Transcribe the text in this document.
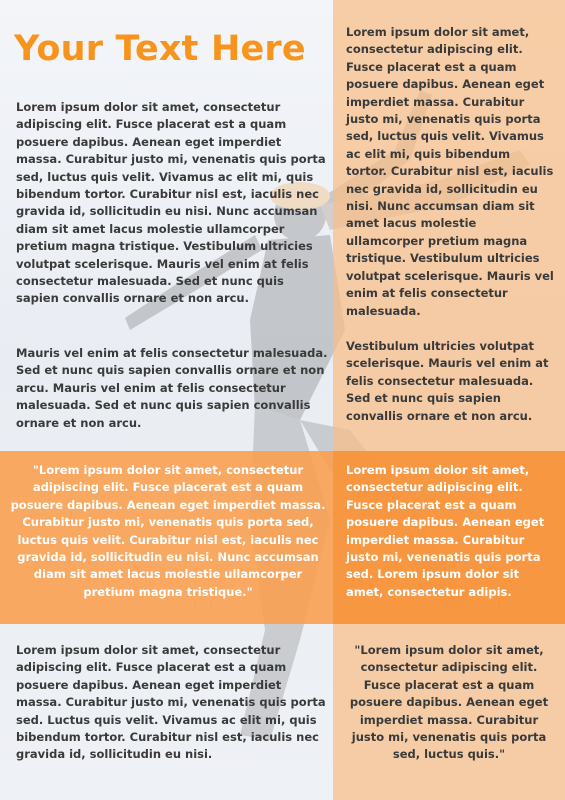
Your Text Here

Lorem ipsum dolor sit amet, consectetur adipiscing elit. Fusce placerat est a quam posuere dapibus. Aenean eget imperdiet massa. Curabitur justo mi, venenatis quis porta sed, luctus quis velit. Vivamus ac elit mi, quis bibendum tortor. Curabitur nisl est, iaculis nec gravida id, sollicitudin eu nisi. Nunc accumsan diam sit amet lacus molestie ullamcorper pretium magna tristique. Vestibulum ultricies volutpat scelerisque. Mauris vel enim at felis consectetur malesuada. Sed et nunc quis sapien convallis ornare et non arcu.

Mauris vel enim at felis consectetur malesuada. Sed et nunc quis sapien convallis ornare et non arcu. Mauris vel enim at felis consectetur malesuada. Sed et nunc quis sapien convallis ornare et non arcu.

Lorem ipsum dolor sit amet, consectetur adipiscing elit. Fusce placerat est a quam posuere dapibus. Aenean eget imperdiet massa. Curabitur justo mi, venenatis quis porta sed, luctus quis velit. Vivamus ac elit mi, quis bibendum tortor. Curabitur nisl est, iaculis nec gravida id, sollicitudin eu nisi. Nunc accumsan diam sit amet lacus molestie ullamcorper pretium magna tristique. Vestibulum ultricies volutpat scelerisque. Mauris vel enim at felis consectetur malesuada.

Vestibulum ultricies volutpat scelerisque. Mauris vel enim at felis consectetur malesuada. Sed et nunc quis sapien convallis ornare et non arcu.

"Lorem ipsum dolor sit amet, consectetur adipiscing elit. Fusce placerat est a quam posuere dapibus. Aenean eget imperdiet massa. Curabitur justo mi, venenatis quis porta sed, luctus quis velit. Curabitur nisl est, iaculis nec gravida id, sollicitudin eu nisi. Nunc accumsan diam sit amet lacus molestie ullamcorper pretium magna tristique."

Lorem ipsum dolor sit amet, consectetur adipiscing elit. Fusce placerat est a quam posuere dapibus. Aenean eget imperdiet massa. Curabitur justo mi, venenatis quis porta sed. Lorem ipsum dolor sit amet, consectetur adipis.

Lorem ipsum dolor sit amet, consectetur adipiscing elit. Fusce placerat est a quam posuere dapibus. Aenean eget imperdiet massa. Curabitur justo mi, venenatis quis porta sed. Luctus quis velit. Vivamus ac elit mi, quis bibendum tortor. Curabitur nisl est, iaculis nec gravida id, sollicitudin eu nisi.

"Lorem ipsum dolor sit amet, consectetur adipiscing elit. Fusce placerat est a quam posuere dapibus. Aenean eget imperdiet massa. Curabitur justo mi, venenatis quis porta sed, luctus quis."
